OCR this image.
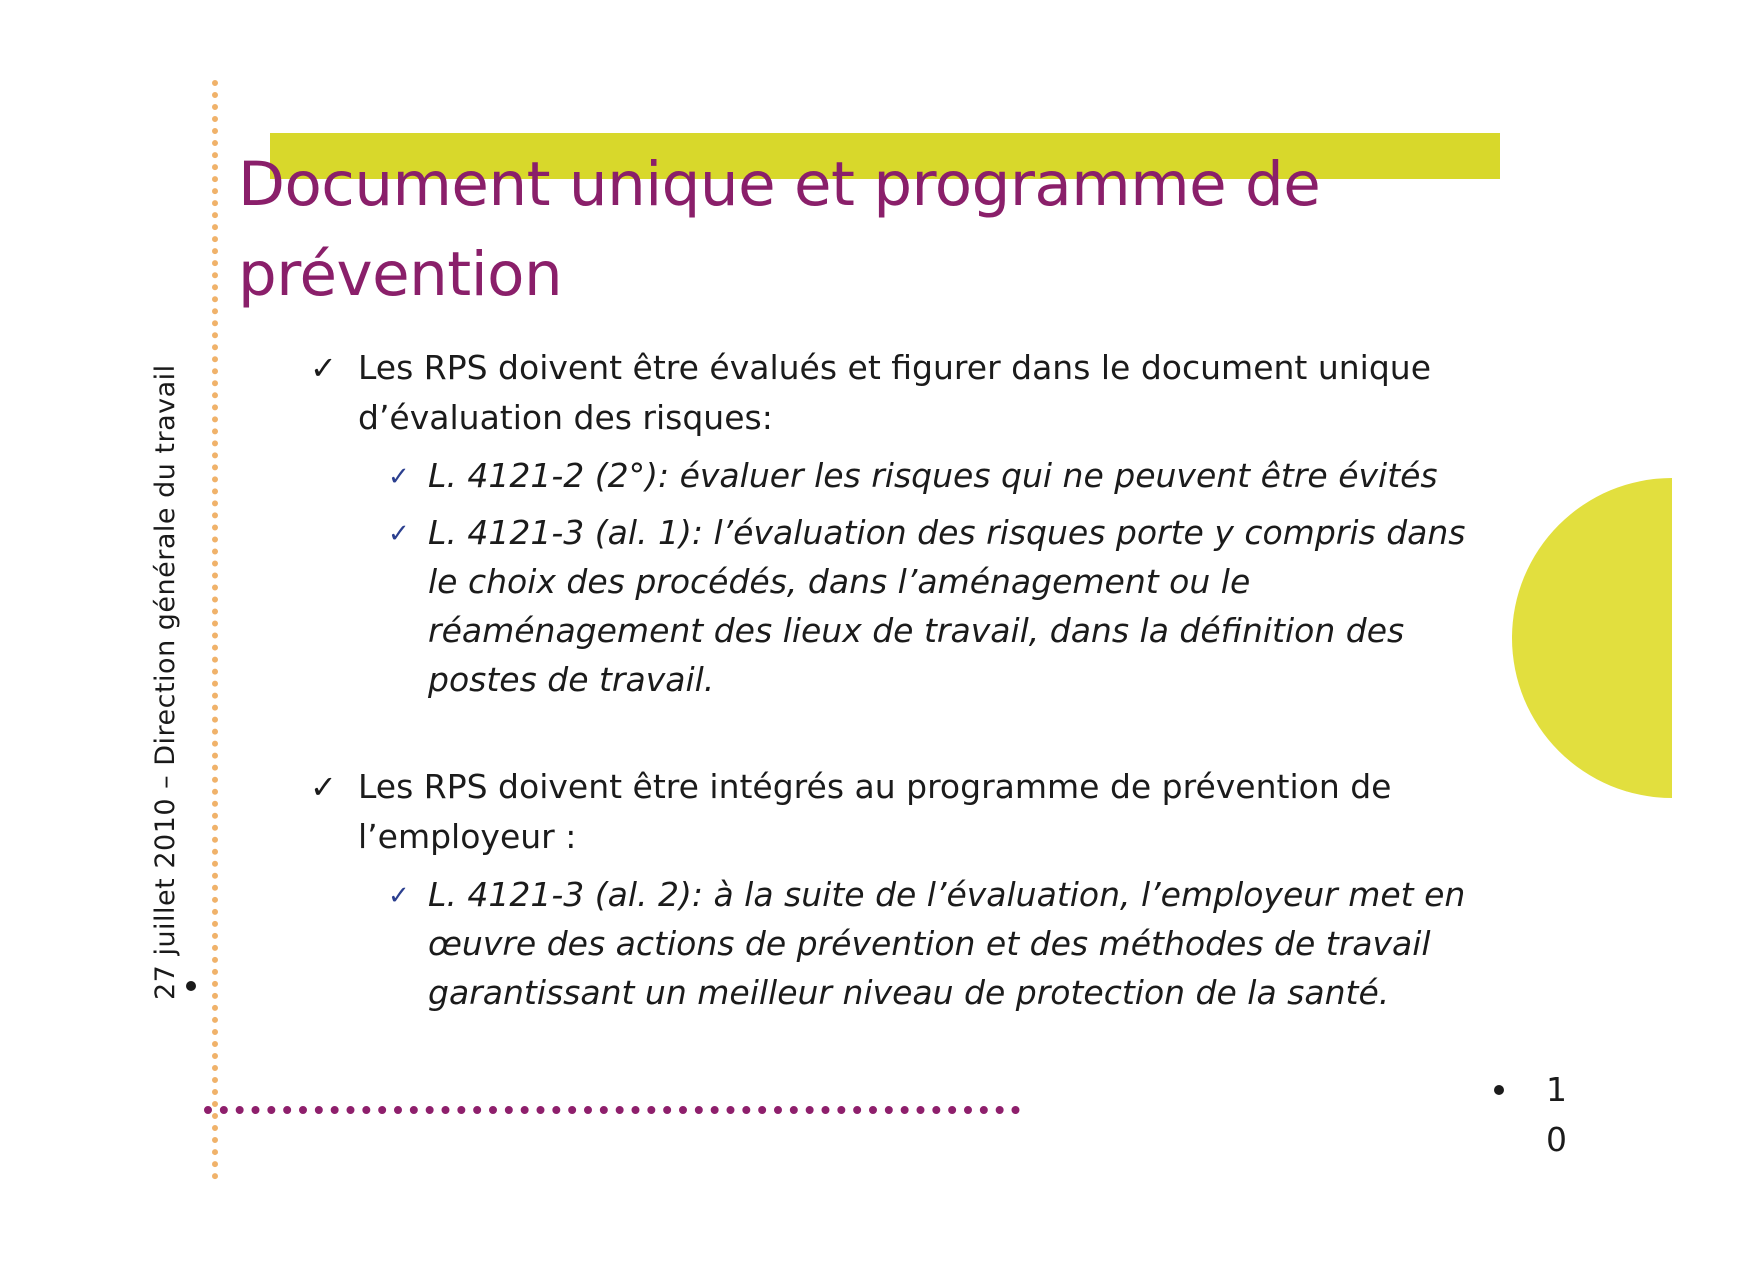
27 juillet 2010 – Direction générale du travail
Document unique et programme de prévention
✓ Les RPS doivent être évalués et figurer dans le document unique d’évaluation des risques:
✓ L. 4121-2 (2°): évaluer les risques qui ne peuvent être évités
✓ L. 4121-3 (al. 1): l’évaluation des risques porte y compris dans le choix des procédés, dans l’aménagement ou le réaménagement des lieux de travail, dans la définition des postes de travail.
✓ Les RPS doivent être intégrés au programme de prévention de l’employeur :
✓ L. 4121-3 (al. 2): à la suite de l’évaluation, l’employeur met en œuvre des actions de prévention et des méthodes de travail garantissant un meilleur niveau de protection de la santé.
10
